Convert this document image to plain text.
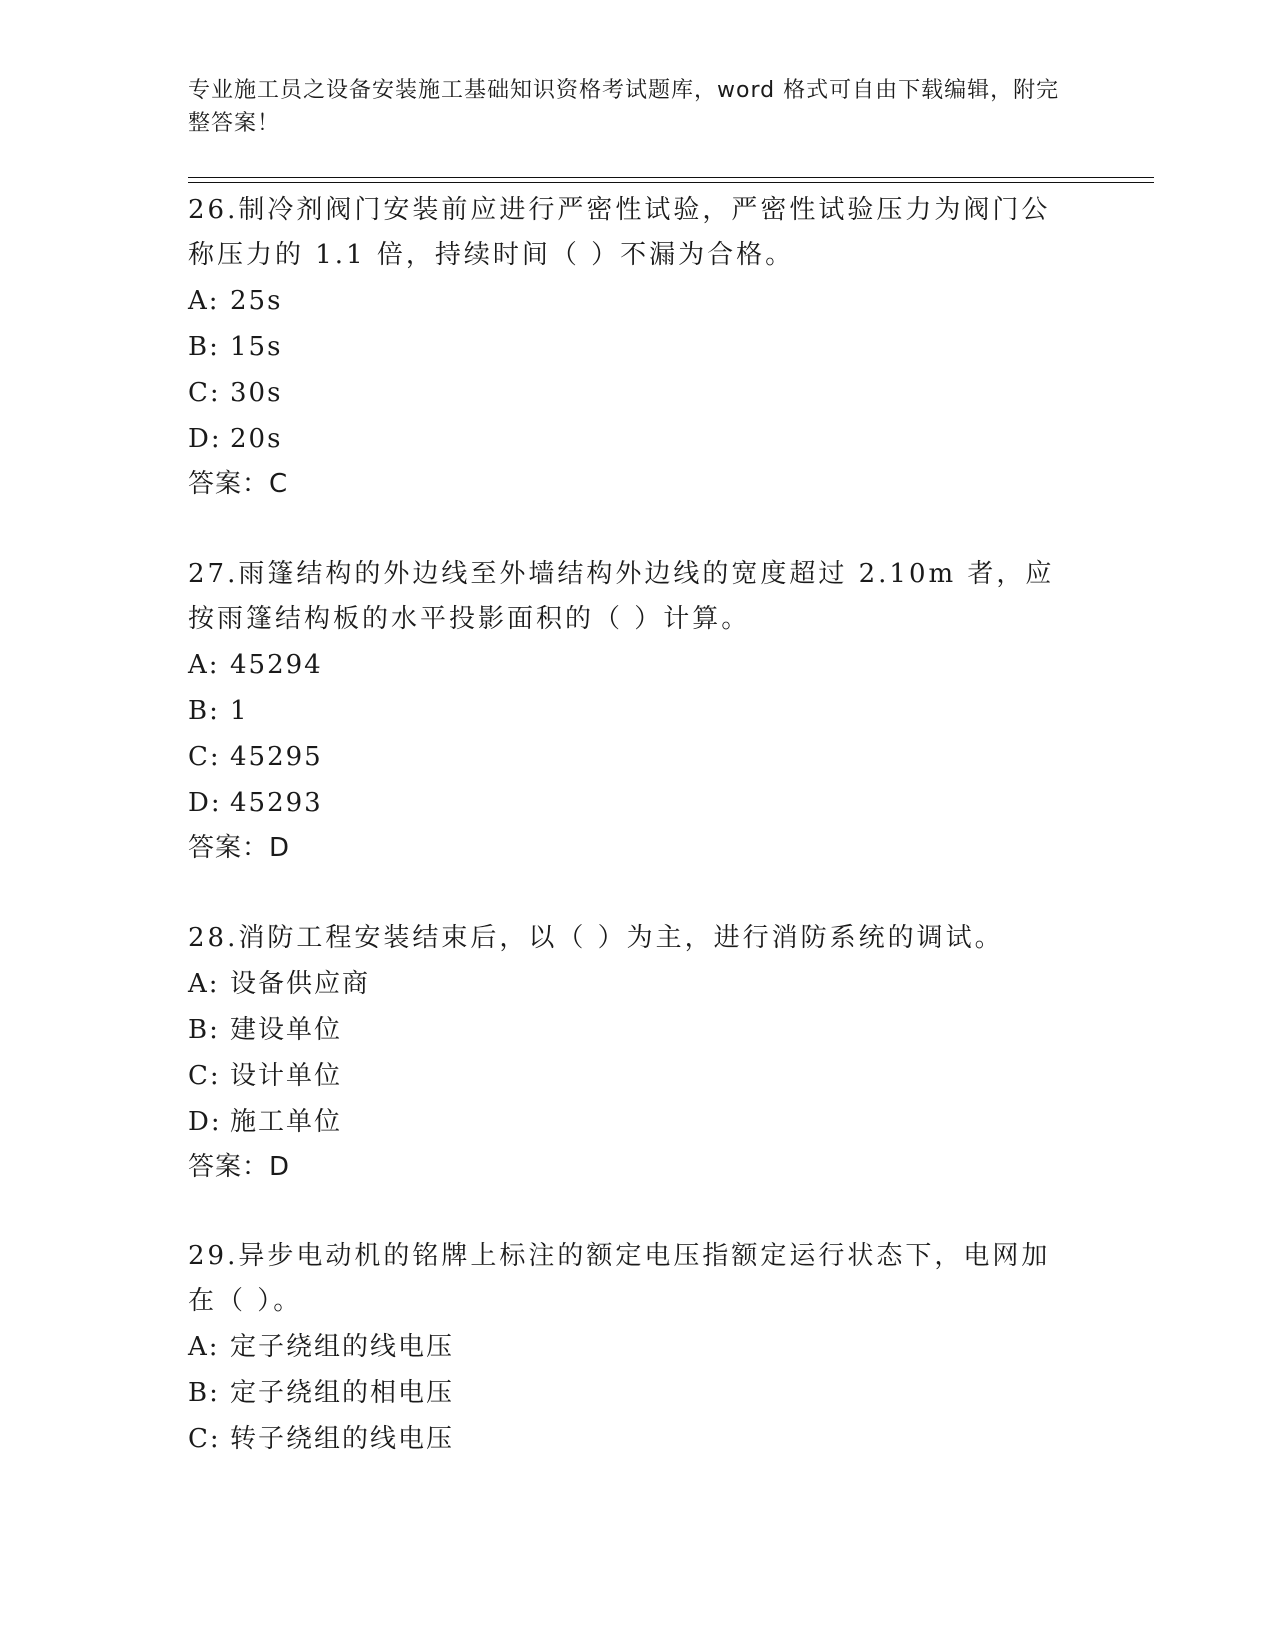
专业施工员之设备安装施工基础知识资格考试题库，word 格式可自由下载编辑，附完整答案！

26.制冷剂阀门安装前应进行严密性试验，严密性试验压力为阀门公称压力的 1.1 倍，持续时间（ ）不漏为合格。

A: 25s
B: 15s
C: 30s
D: 20s
答案：C

27.雨篷结构的外边线至外墙结构外边线的宽度超过 2.10m 者，应按雨篷结构板的水平投影面积的（ ）计算。

A: 45294
B: 1
C: 45295
D: 45293
答案：D

28.消防工程安装结束后，以（ ）为主，进行消防系统的调试。

A: 设备供应商
B: 建设单位
C: 设计单位
D: 施工单位
答案：D

29.异步电动机的铭牌上标注的额定电压指额定运行状态下，电网加在（ ）。

A: 定子绕组的线电压
B: 定子绕组的相电压
C: 转子绕组的线电压
